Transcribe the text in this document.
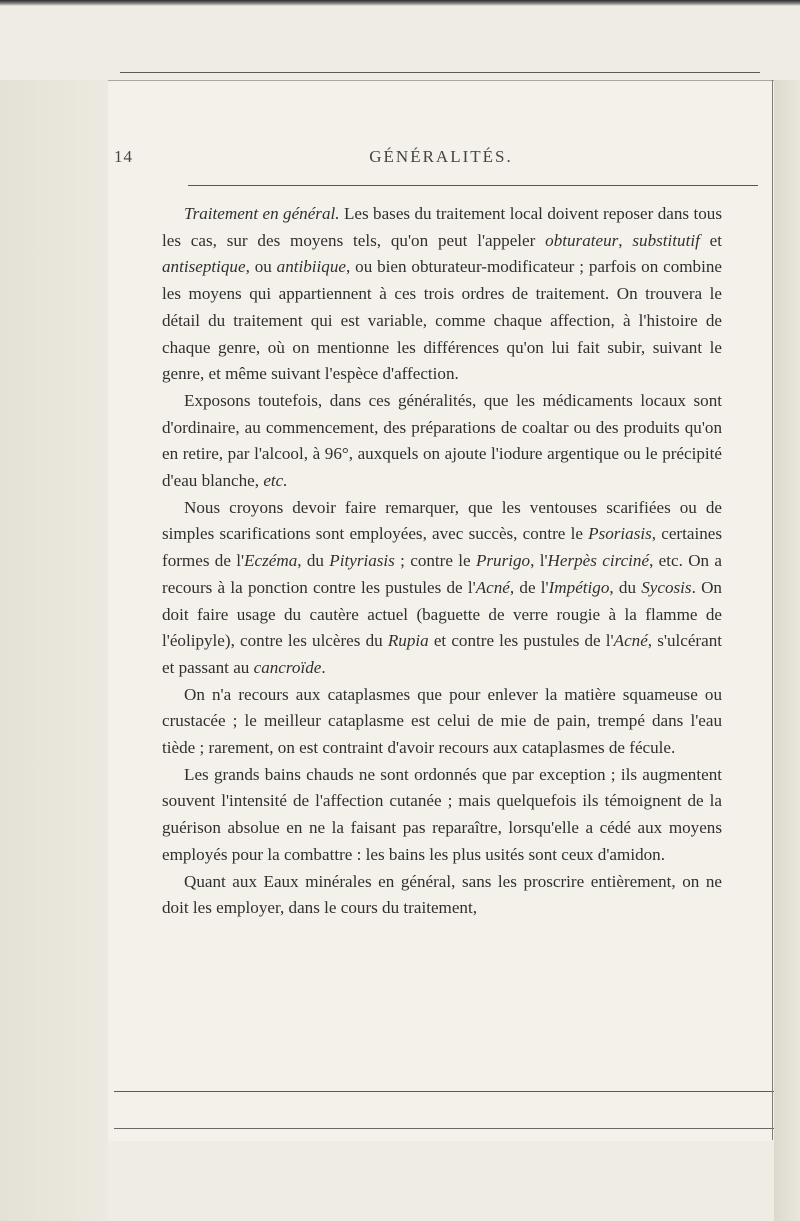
14	GÉNÉRALITÉS.

Traitement en général. Les bases du traitement local doivent reposer dans tous les cas, sur des moyens tels, qu'on peut l'appeler obturateur, substitutif et antiseptique, ou antibiique, ou bien obturateur-modificateur ; parfois on combine les moyens qui appartiennent à ces trois ordres de traitement. On trouvera le détail du traitement qui est variable, comme chaque affection, à l'histoire de chaque genre, où on mentionne les différences qu'on lui fait subir, suivant le genre, et même suivant l'espèce d'affection.

Exposons toutefois, dans ces généralités, que les médicaments locaux sont d'ordinaire, au commencement, des préparations de coaltar ou des produits qu'on en retire, par l'alcool, à 96°, auxquels on ajoute l'iodure argentique ou le précipité d'eau blanche, etc.

Nous croyons devoir faire remarquer, que les ventouses scarifiées ou de simples scarifications sont employées, avec succès, contre le Psoriasis, certaines formes de l'Eczéma, du Pityriasis ; contre le Prurigo, l'Herpès circiné, etc. On a recours à la ponction contre les pustules de l'Acné, de l'Impétigo, du Sycosis. On doit faire usage du cautère actuel (baguette de verre rougie à la flamme de l'éolipyle), contre les ulcères du Rupia et contre les pustules de l'Acné, s'ulcérant et passant au cancroïde.

On n'a recours aux cataplasmes que pour enlever la matière squameuse ou crustacée ; le meilleur cataplasme est celui de mie de pain, trempé dans l'eau tiède ; rarement, on est contraint d'avoir recours aux cataplasmes de fécule.

Les grands bains chauds ne sont ordonnés que par exception ; ils augmentent souvent l'intensité de l'affection cutanée ; mais quelquefois ils témoignent de la guérison absolue en ne la faisant pas reparaître, lorsqu'elle a cédé aux moyens employés pour la combattre : les bains les plus usités sont ceux d'amidon.

Quant aux Eaux minérales en général, sans les proscrire entièrement, on ne doit les employer, dans le cours du traitement,
